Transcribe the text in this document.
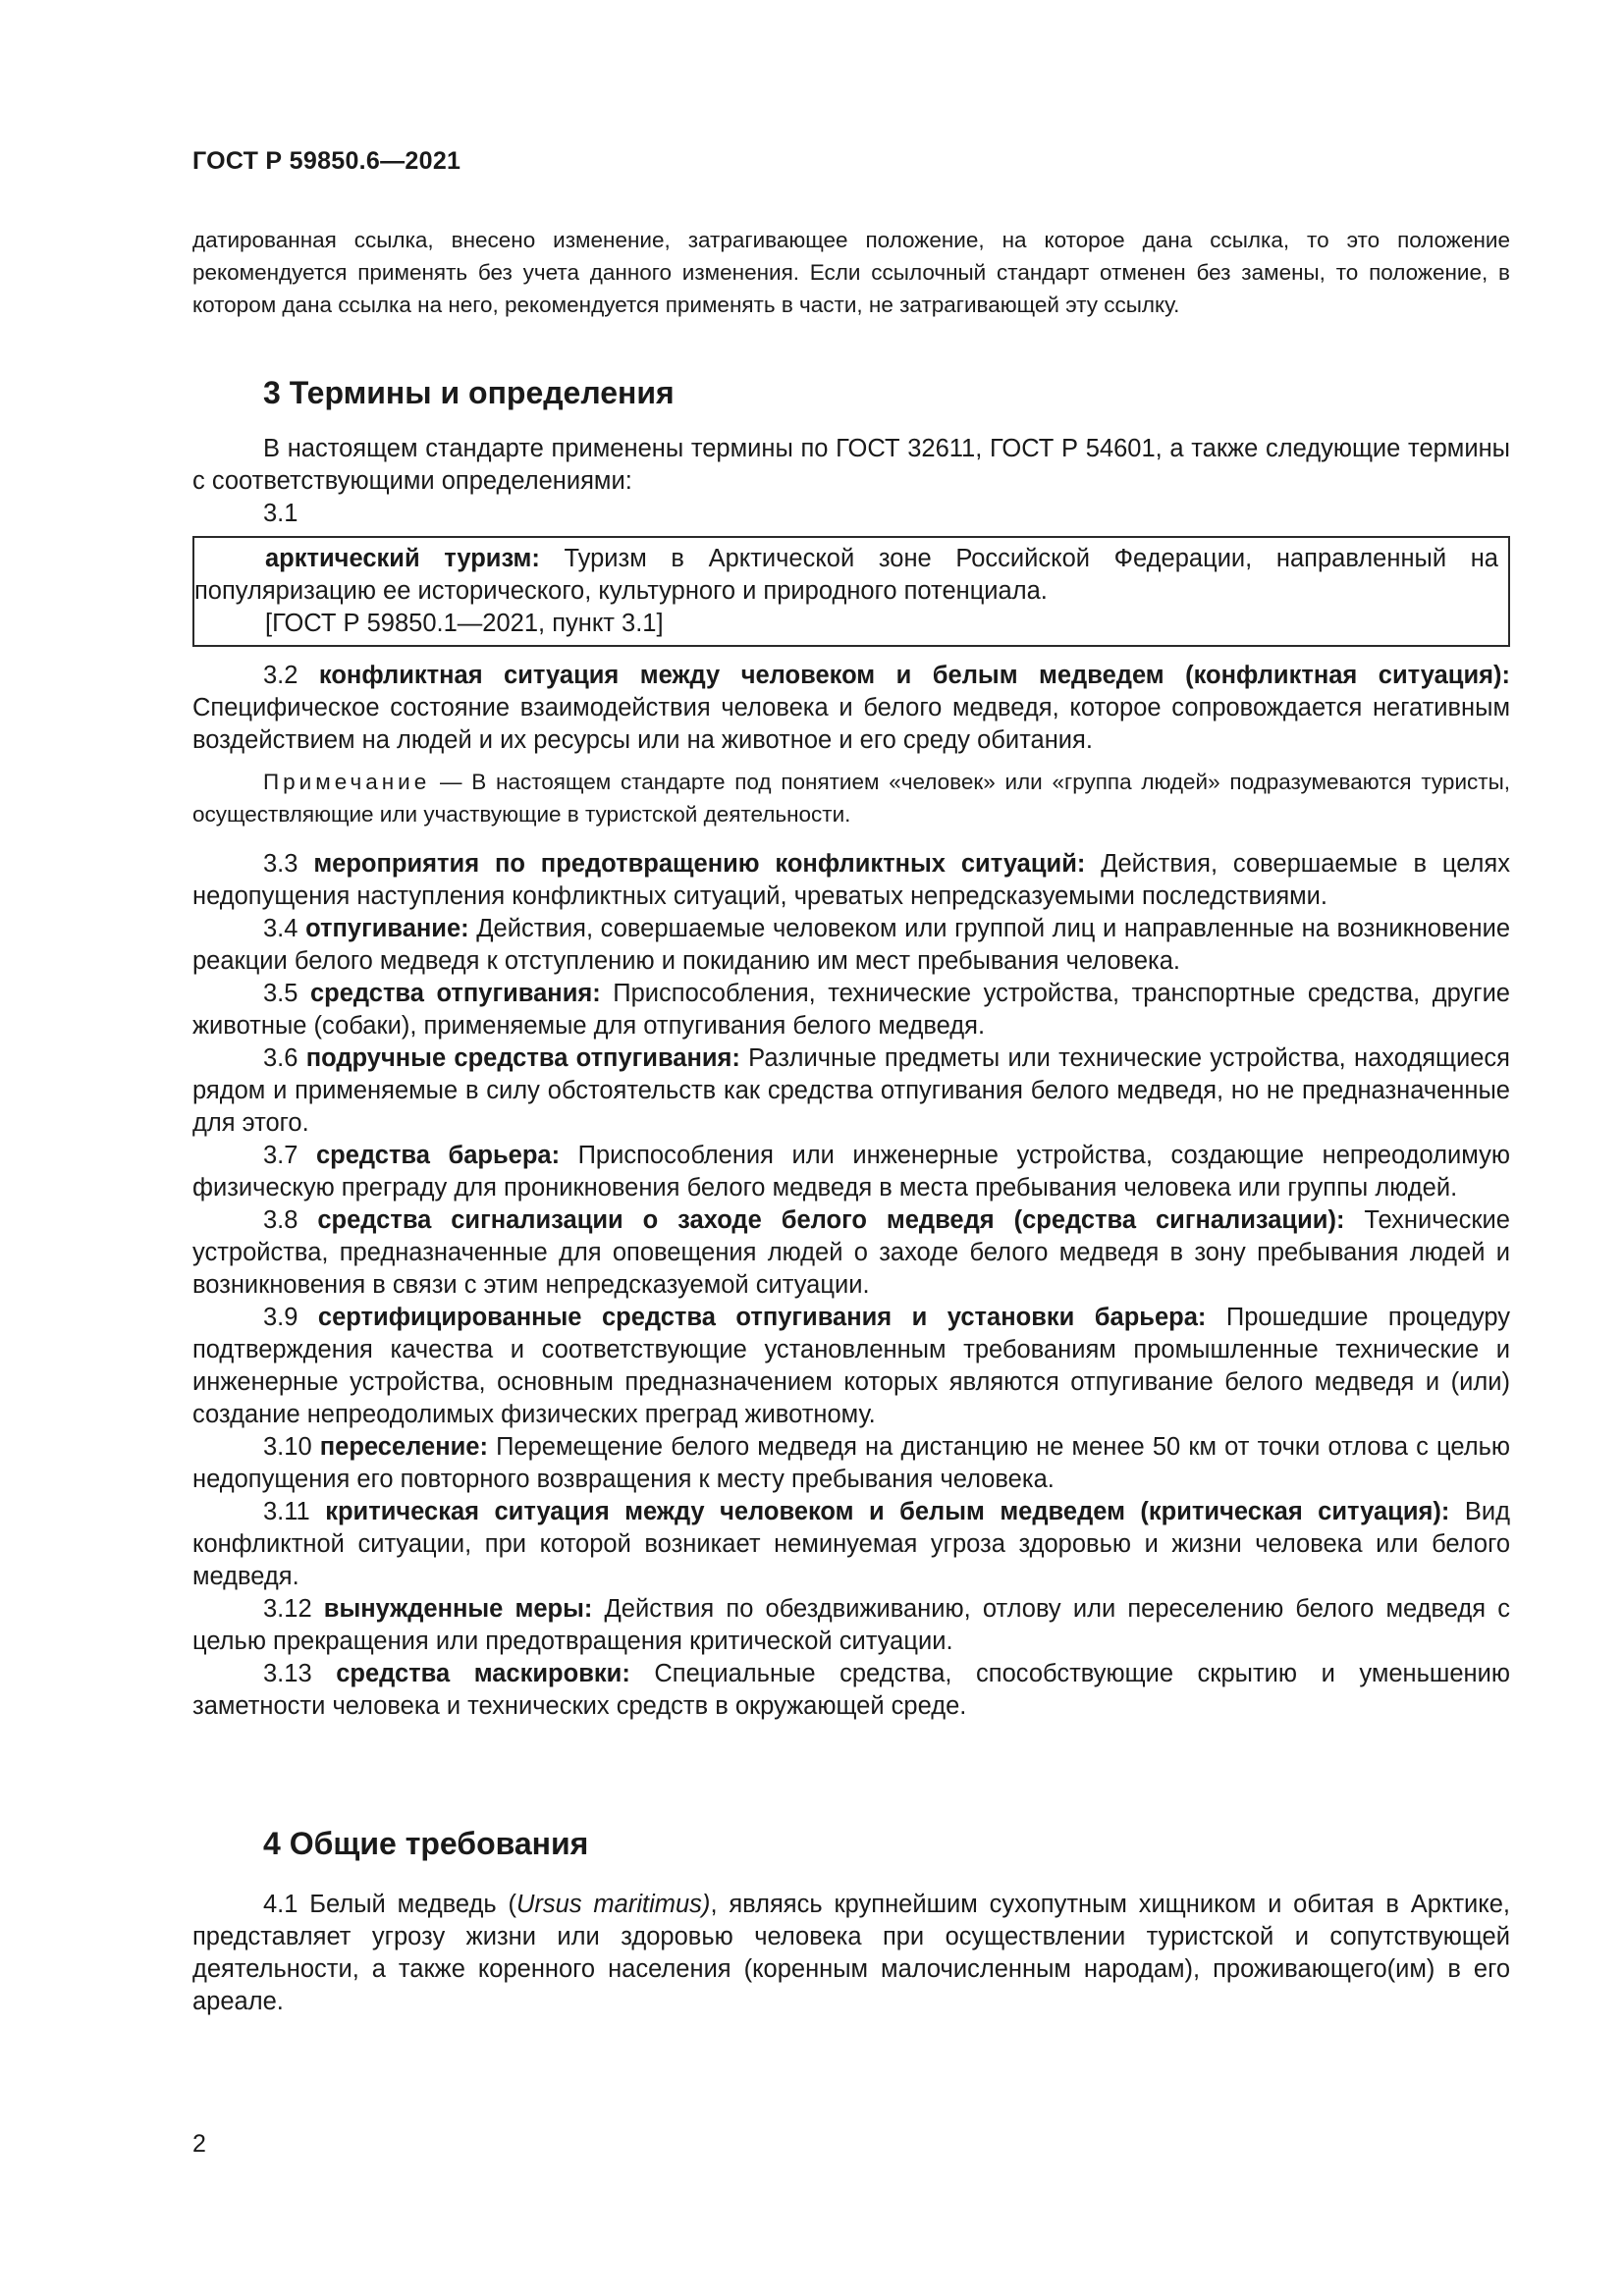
ГОСТ Р 59850.6—2021
датированная ссылка, внесено изменение, затрагивающее положение, на которое дана ссылка, то это положение рекомендуется применять без учета данного изменения. Если ссылочный стандарт отменен без замены, то положение, в котором дана ссылка на него, рекомендуется применять в части, не затрагивающей эту ссылку.
3 Термины и определения

В настоящем стандарте применены термины по ГОСТ 32611, ГОСТ Р 54601, а также следующие термины с соответствующими определениями:

3.1

арктический туризм: Туризм в Арктической зоне Российской Федерации, направленный на популяризацию ее исторического, культурного и природного потенциала.

[ГОСТ Р 59850.1—2021, пункт 3.1]

3.2 конфликтная ситуация между человеком и белым медведем (конфликтная ситуация): Специфическое состояние взаимодействия человека и белого медведя, которое сопровождается негативным воздействием на людей и их ресурсы или на животное и его среду обитания.

Примечание — В настоящем стандарте под понятием «человек» или «группа людей» подразумеваются туристы, осуществляющие или участвующие в туристской деятельности.

3.3 мероприятия по предотвращению конфликтных ситуаций: Действия, совершаемые в целях недопущения наступления конфликтных ситуаций, чреватых непредсказуемыми последствиями.

3.4 отпугивание: Действия, совершаемые человеком или группой лиц и направленные на возникновение реакции белого медведя к отступлению и покиданию им мест пребывания человека.

3.5 средства отпугивания: Приспособления, технические устройства, транспортные средства, другие животные (собаки), применяемые для отпугивания белого медведя.

3.6 подручные средства отпугивания: Различные предметы или технические устройства, находящиеся рядом и применяемые в силу обстоятельств как средства отпугивания белого медведя, но не предназначенные для этого.

3.7 средства барьера: Приспособления или инженерные устройства, создающие непреодолимую физическую преграду для проникновения белого медведя в места пребывания человека или группы людей.

3.8 средства сигнализации о заходе белого медведя (средства сигнализации): Технические устройства, предназначенные для оповещения людей о заходе белого медведя в зону пребывания людей и возникновения в связи с этим непредсказуемой ситуации.

3.9 сертифицированные средства отпугивания и установки барьера: Прошедшие процедуру подтверждения качества и соответствующие установленным требованиям промышленные технические и инженерные устройства, основным предназначением которых являются отпугивание белого медведя и (или) создание непреодолимых физических преград животному.

3.10 переселение: Перемещение белого медведя на дистанцию не менее 50 км от точки отлова с целью недопущения его повторного возвращения к месту пребывания человека.

3.11 критическая ситуация между человеком и белым медведем (критическая ситуация): Вид конфликтной ситуации, при которой возникает неминуемая угроза здоровью и жизни человека или белого медведя.

3.12 вынужденные меры: Действия по обездвиживанию, отлову или переселению белого медведя с целью прекращения или предотвращения критической ситуации.

3.13 средства маскировки: Специальные средства, способствующие скрытию и уменьшению заметности человека и технических средств в окружающей среде.

4 Общие требования

4.1 Белый медведь (Ursus maritimus), являясь крупнейшим сухопутным хищником и обитая в Арктике, представляет угрозу жизни или здоровью человека при осуществлении туристской и сопутствующей деятельности, а также коренного населения (коренным малочисленным народам), проживающего(им) в его ареале.

2
